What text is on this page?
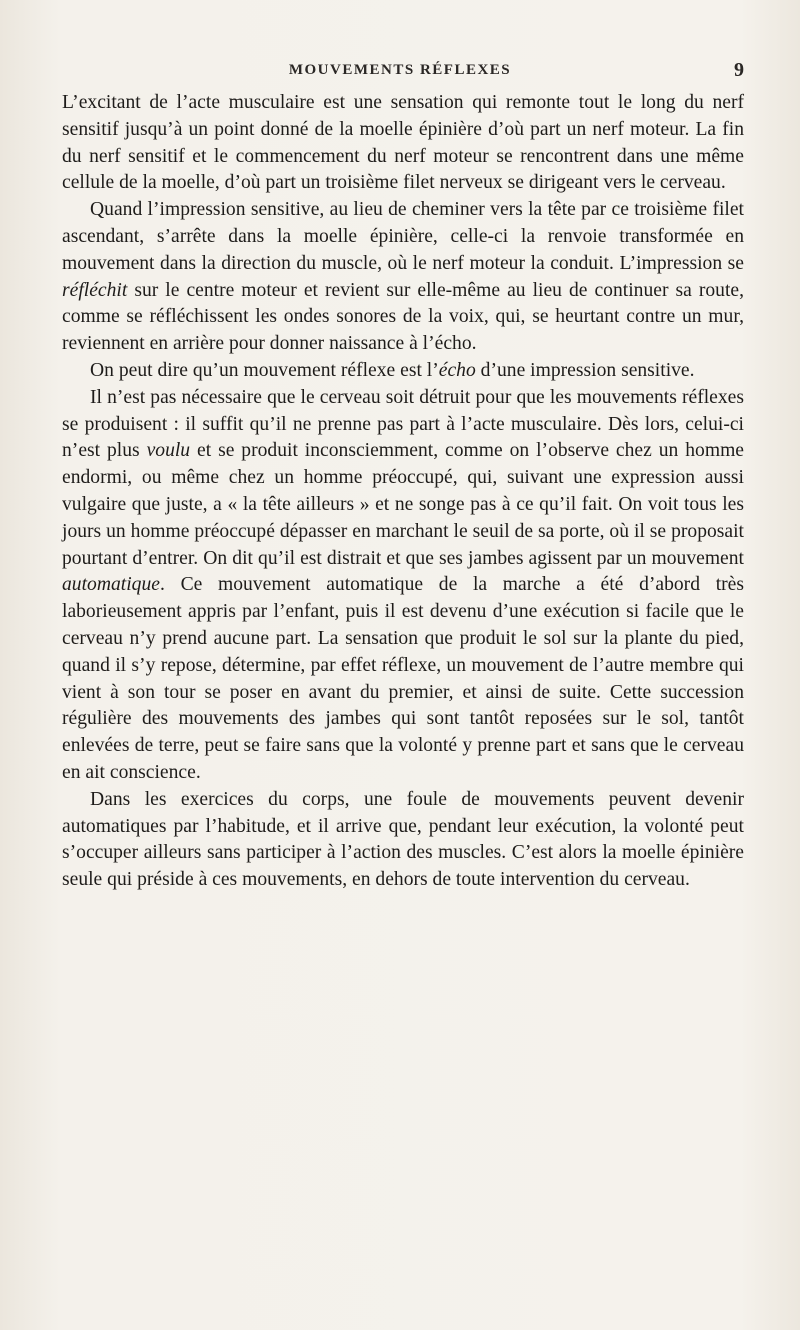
MOUVEMENTS RÉFLEXES	9

L’excitant de l’acte musculaire est une sensation qui remonte tout le long du nerf sensitif jusqu’à un point donné de la moelle épinière d’où part un nerf moteur. La fin du nerf sensitif et le commencement du nerf moteur se rencontrent dans une même cellule de la moelle, d’où part un troisième filet nerveux se dirigeant vers le cerveau.

Quand l’impression sensitive, au lieu de cheminer vers la tête par ce troisième filet ascendant, s’arrête dans la moelle épinière, celle-ci la renvoie transformée en mouvement dans la direction du muscle, où le nerf moteur la conduit. L’impression se réfléchit sur le centre moteur et revient sur elle-même au lieu de continuer sa route, comme se réfléchissent les ondes sonores de la voix, qui, se heurtant contre un mur, reviennent en arrière pour donner naissance à l’écho.

On peut dire qu’un mouvement réflexe est l’écho d’une impression sensitive.

Il n’est pas nécessaire que le cerveau soit détruit pour que les mouvements réflexes se produisent : il suffit qu’il ne prenne pas part à l’acte musculaire. Dès lors, celui-ci n’est plus voulu et se produit inconsciemment, comme on l’observe chez un homme endormi, ou même chez un homme préoccupé, qui, suivant une expression aussi vulgaire que juste, a « la tête ailleurs » et ne songe pas à ce qu’il fait. On voit tous les jours un homme préoccupé dépasser en marchant le seuil de sa porte, où il se proposait pourtant d’entrer. On dit qu’il est distrait et que ses jambes agissent par un mouvement automatique. Ce mouvement automatique de la marche a été d’abord très laborieusement appris par l’enfant, puis il est devenu d’une exécution si facile que le cerveau n’y prend aucune part. La sensation que produit le sol sur la plante du pied, quand il s’y repose, détermine, par effet réflexe, un mouvement de l’autre membre qui vient à son tour se poser en avant du premier, et ainsi de suite. Cette succession régulière des mouvements des jambes qui sont tantôt reposées sur le sol, tantôt enlevées de terre, peut se faire sans que la volonté y prenne part et sans que le cerveau en ait conscience.

Dans les exercices du corps, une foule de mouvements peuvent devenir automatiques par l’habitude, et il arrive que, pendant leur exécution, la volonté peut s’occuper ailleurs sans participer à l’action des muscles. C’est alors la moelle épinière seule qui préside à ces mouvements, en dehors de toute intervention du cerveau.
